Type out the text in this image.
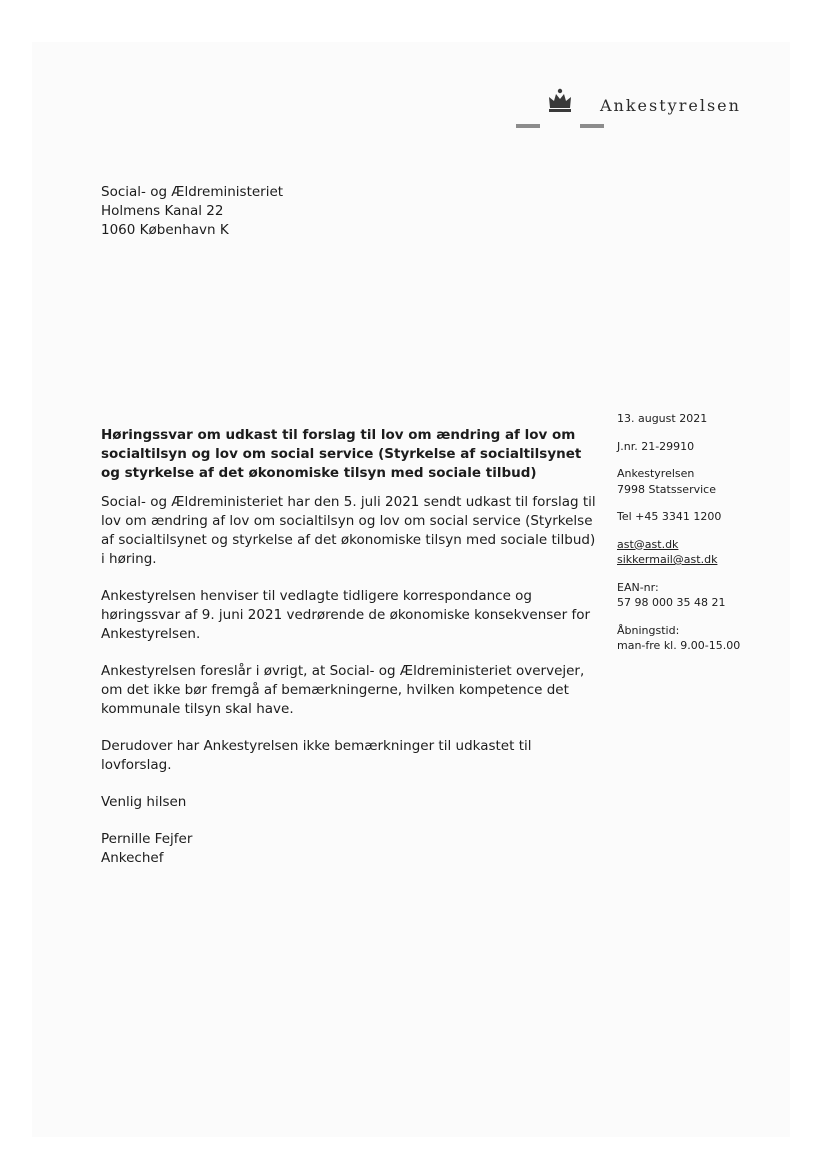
Ankestyrelsen
Social- og Ældreministeriet
Holmens Kanal 22
1060 København K

Høringssvar om udkast til forslag til lov om ændring af lov om socialtilsyn og lov om social service (Styrkelse af socialtilsynet og styrkelse af det økonomiske tilsyn med sociale tilbud)

Social- og Ældreministeriet har den 5. juli 2021 sendt udkast til forslag til lov om ændring af lov om socialtilsyn og lov om social service (Styrkelse af socialtilsynet og styrkelse af det økonomiske tilsyn med sociale tilbud) i høring.

Ankestyrelsen henviser til vedlagte tidligere korrespondance og høringssvar af 9. juni 2021 vedrørende de økonomiske konsekvenser for Ankestyrelsen.

Ankestyrelsen foreslår i øvrigt, at Social- og Ældreministeriet overvejer, om det ikke bør fremgå af bemærkningerne, hvilken kompetence det kommunale tilsyn skal have.

Derudover har Ankestyrelsen ikke bemærkninger til udkastet til lovforslag.

Venlig hilsen

Pernille Fejfer
Ankechef
13. august 2021
J.nr. 21-29910
Ankestyrelsen
7998 Statsservice
Tel +45 3341 1200
ast@ast.dk
sikkermail@ast.dk
EAN-nr:
57 98 000 35 48 21
Åbningstid:
man-fre kl. 9.00-15.00
